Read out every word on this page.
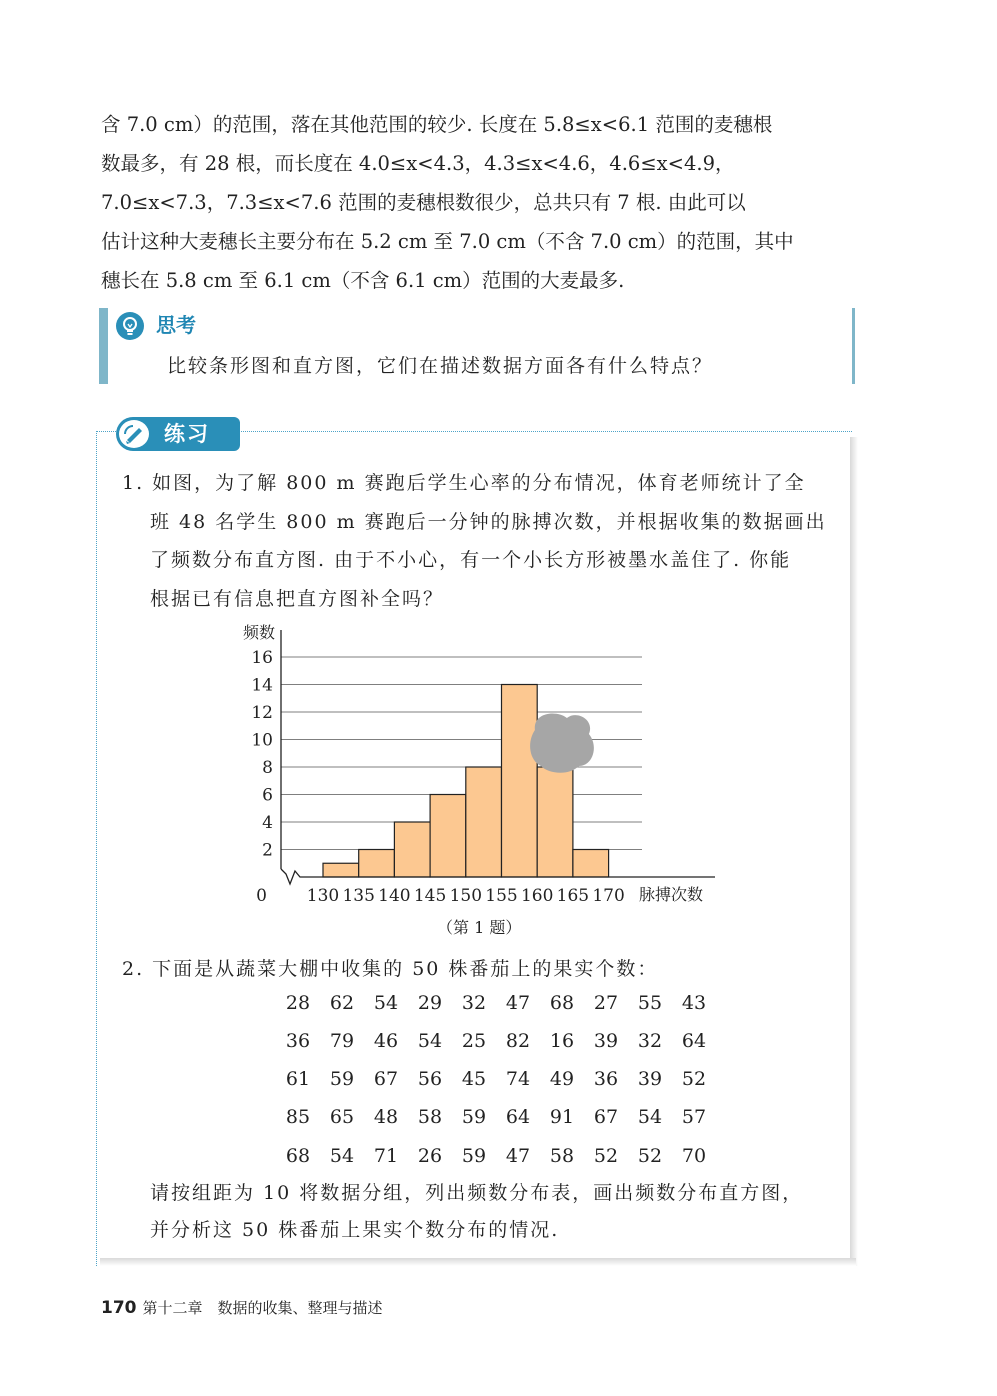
含 7.0 cm）的范围，落在其他范围的较少. 长度在 5.8≤x<6.1 范围的麦穗根
数最多，有 28 根，而长度在 4.0≤x<4.3，4.3≤x<4.6，4.6≤x<4.9，
7.0≤x<7.3，7.3≤x<7.6 范围的麦穗根数很少，总共只有 7 根. 由此可以
估计这种大麦穗长主要分布在 5.2 cm 至 7.0 cm（不含 7.0 cm）的范围，其中
穗长在 5.8 cm 至 6.1 cm（不含 6.1 cm）范围的大麦最多.
思考
比较条形图和直方图，它们在描述数据方面各有什么特点？
练习
1. 如图，为了解 800 m 赛跑后学生心率的分布情况，体育老师统计了全
班 48 名学生 800 m 赛跑后一分钟的脉搏次数，并根据收集的数据画出
了频数分布直方图. 由于不小心，有一个小长方形被墨水盖住了. 你能
根据已有信息把直方图补全吗？
2
4
6
8
10
12
14
16
0 130 135 140 145 150 155 160 165 170
频数
脉搏次数
（第 1 题）
2. 下面是从蔬菜大棚中收集的 50 株番茄上的果实个数：
28	62	54	29	32	47	68	27	55	43
36	79	46	54	25	82	16	39	32	64
61	59	67	56	45	74	49	36	39	52
85	65	48	58	59	64	91	67	54	57
68	54	71	26	59	47	58	52	52	70
请按组距为 10 将数据分组，列出频数分布表，画出频数分布直方图，
并分析这 50 株番茄上果实个数分布的情况.
170 第十二章　数据的收集、整理与描述
